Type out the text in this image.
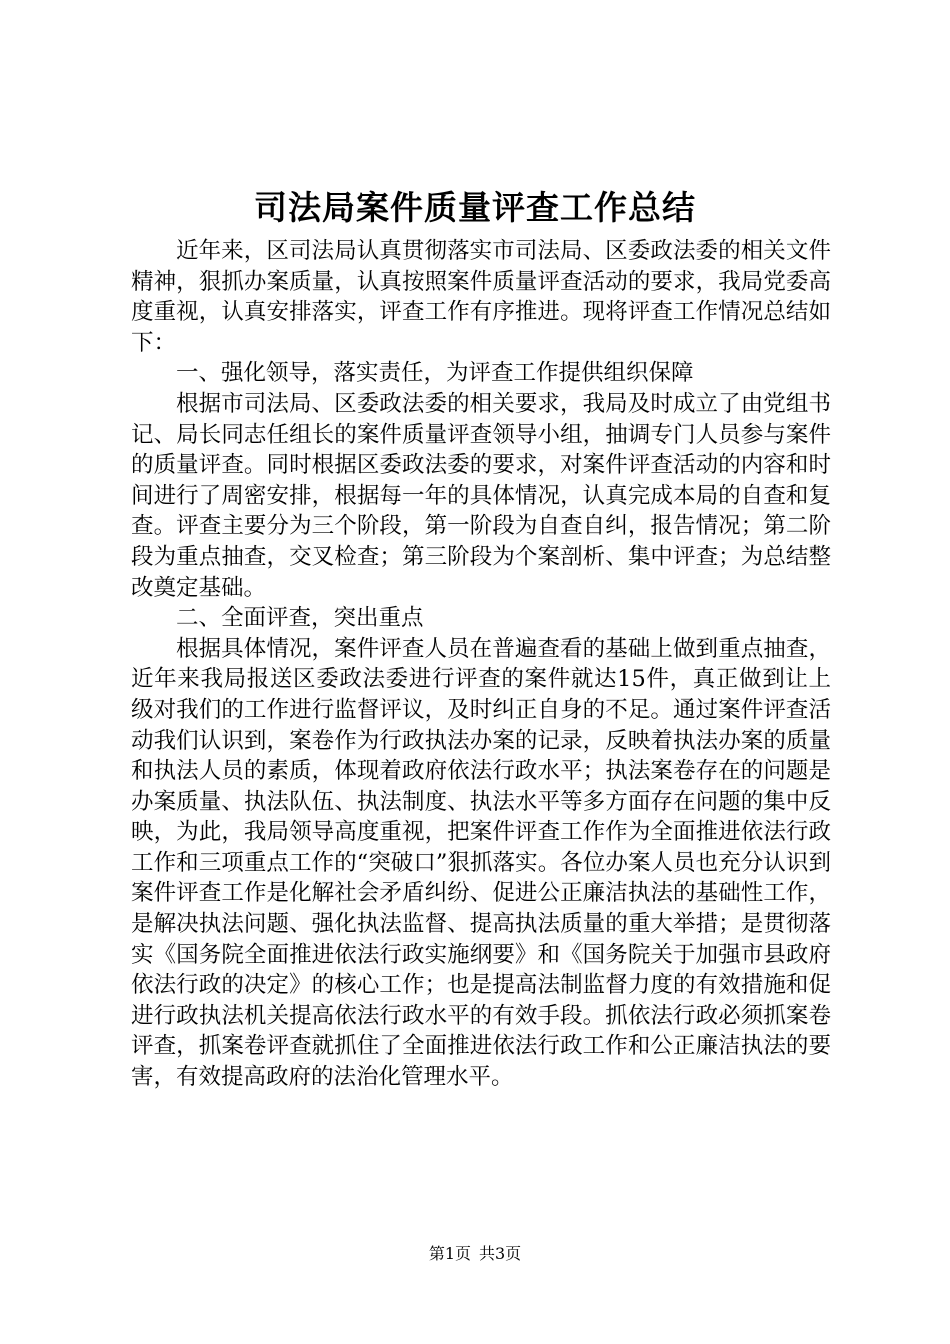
司法局案件质量评查工作总结

近年来，区司法局认真贯彻落实市司法局、区委政法委的相关文件精神，狠抓办案质量，认真按照案件质量评查活动的要求，我局党委高度重视，认真安排落实，评查工作有序推进。现将评查工作情况总结如下：

一、强化领导，落实责任，为评查工作提供组织保障

根据市司法局、区委政法委的相关要求，我局及时成立了由党组书记、局长同志任组长的案件质量评查领导小组，抽调专门人员参与案件的质量评查。同时根据区委政法委的要求，对案件评查活动的内容和时间进行了周密安排，根据每一年的具体情况，认真完成本局的自查和复查。评查主要分为三个阶段，第一阶段为自查自纠，报告情况；第二阶段为重点抽查，交叉检查；第三阶段为个案剖析、集中评查；为总结整改奠定基础。

二、全面评查，突出重点

根据具体情况，案件评查人员在普遍查看的基础上做到重点抽查，近年来我局报送区委政法委进行评查的案件就达15件，真正做到让上级对我们的工作进行监督评议，及时纠正自身的不足。通过案件评查活动我们认识到，案卷作为行政执法办案的记录，反映着执法办案的质量和执法人员的素质，体现着政府依法行政水平；执法案卷存在的问题是办案质量、执法队伍、执法制度、执法水平等多方面存在问题的集中反映，为此，我局领导高度重视，把案件评查工作作为全面推进依法行政工作和三项重点工作的“突破口”狠抓落实。各位办案人员也充分认识到案件评查工作是化解社会矛盾纠纷、促进公正廉洁执法的基础性工作，是解决执法问题、强化执法监督、提高执法质量的重大举措；是贯彻落实《国务院全面推进依法行政实施纲要》和《国务院关于加强市县政府依法行政的决定》的核心工作；也是提高法制监督力度的有效措施和促进行政执法机关提高依法行政水平的有效手段。抓依法行政必须抓案卷评查，抓案卷评查就抓住了全面推进依法行政工作和公正廉洁执法的要害，有效提高政府的法治化管理水平。

第1页 共3页
